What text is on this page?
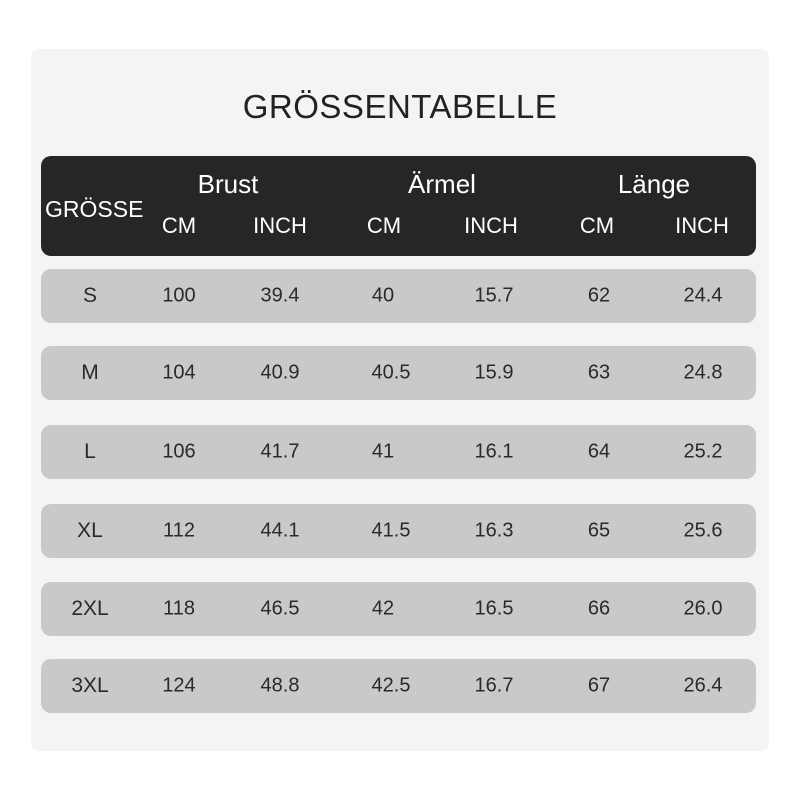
GRÖSSENTABELLE
GRÖSSE
Brust	Ärmel	Länge
CM	INCH	CM	INCH	CM	INCH
S	100	39.4	40	15.7	62	24.4
M	104	40.9	40.5	15.9	63	24.8
L	106	41.7	41	16.1	64	25.2
XL	112	44.1	41.5	16.3	65	25.6
2XL	118	46.5	42	16.5	66	26.0
3XL	124	48.8	42.5	16.7	67	26.4
